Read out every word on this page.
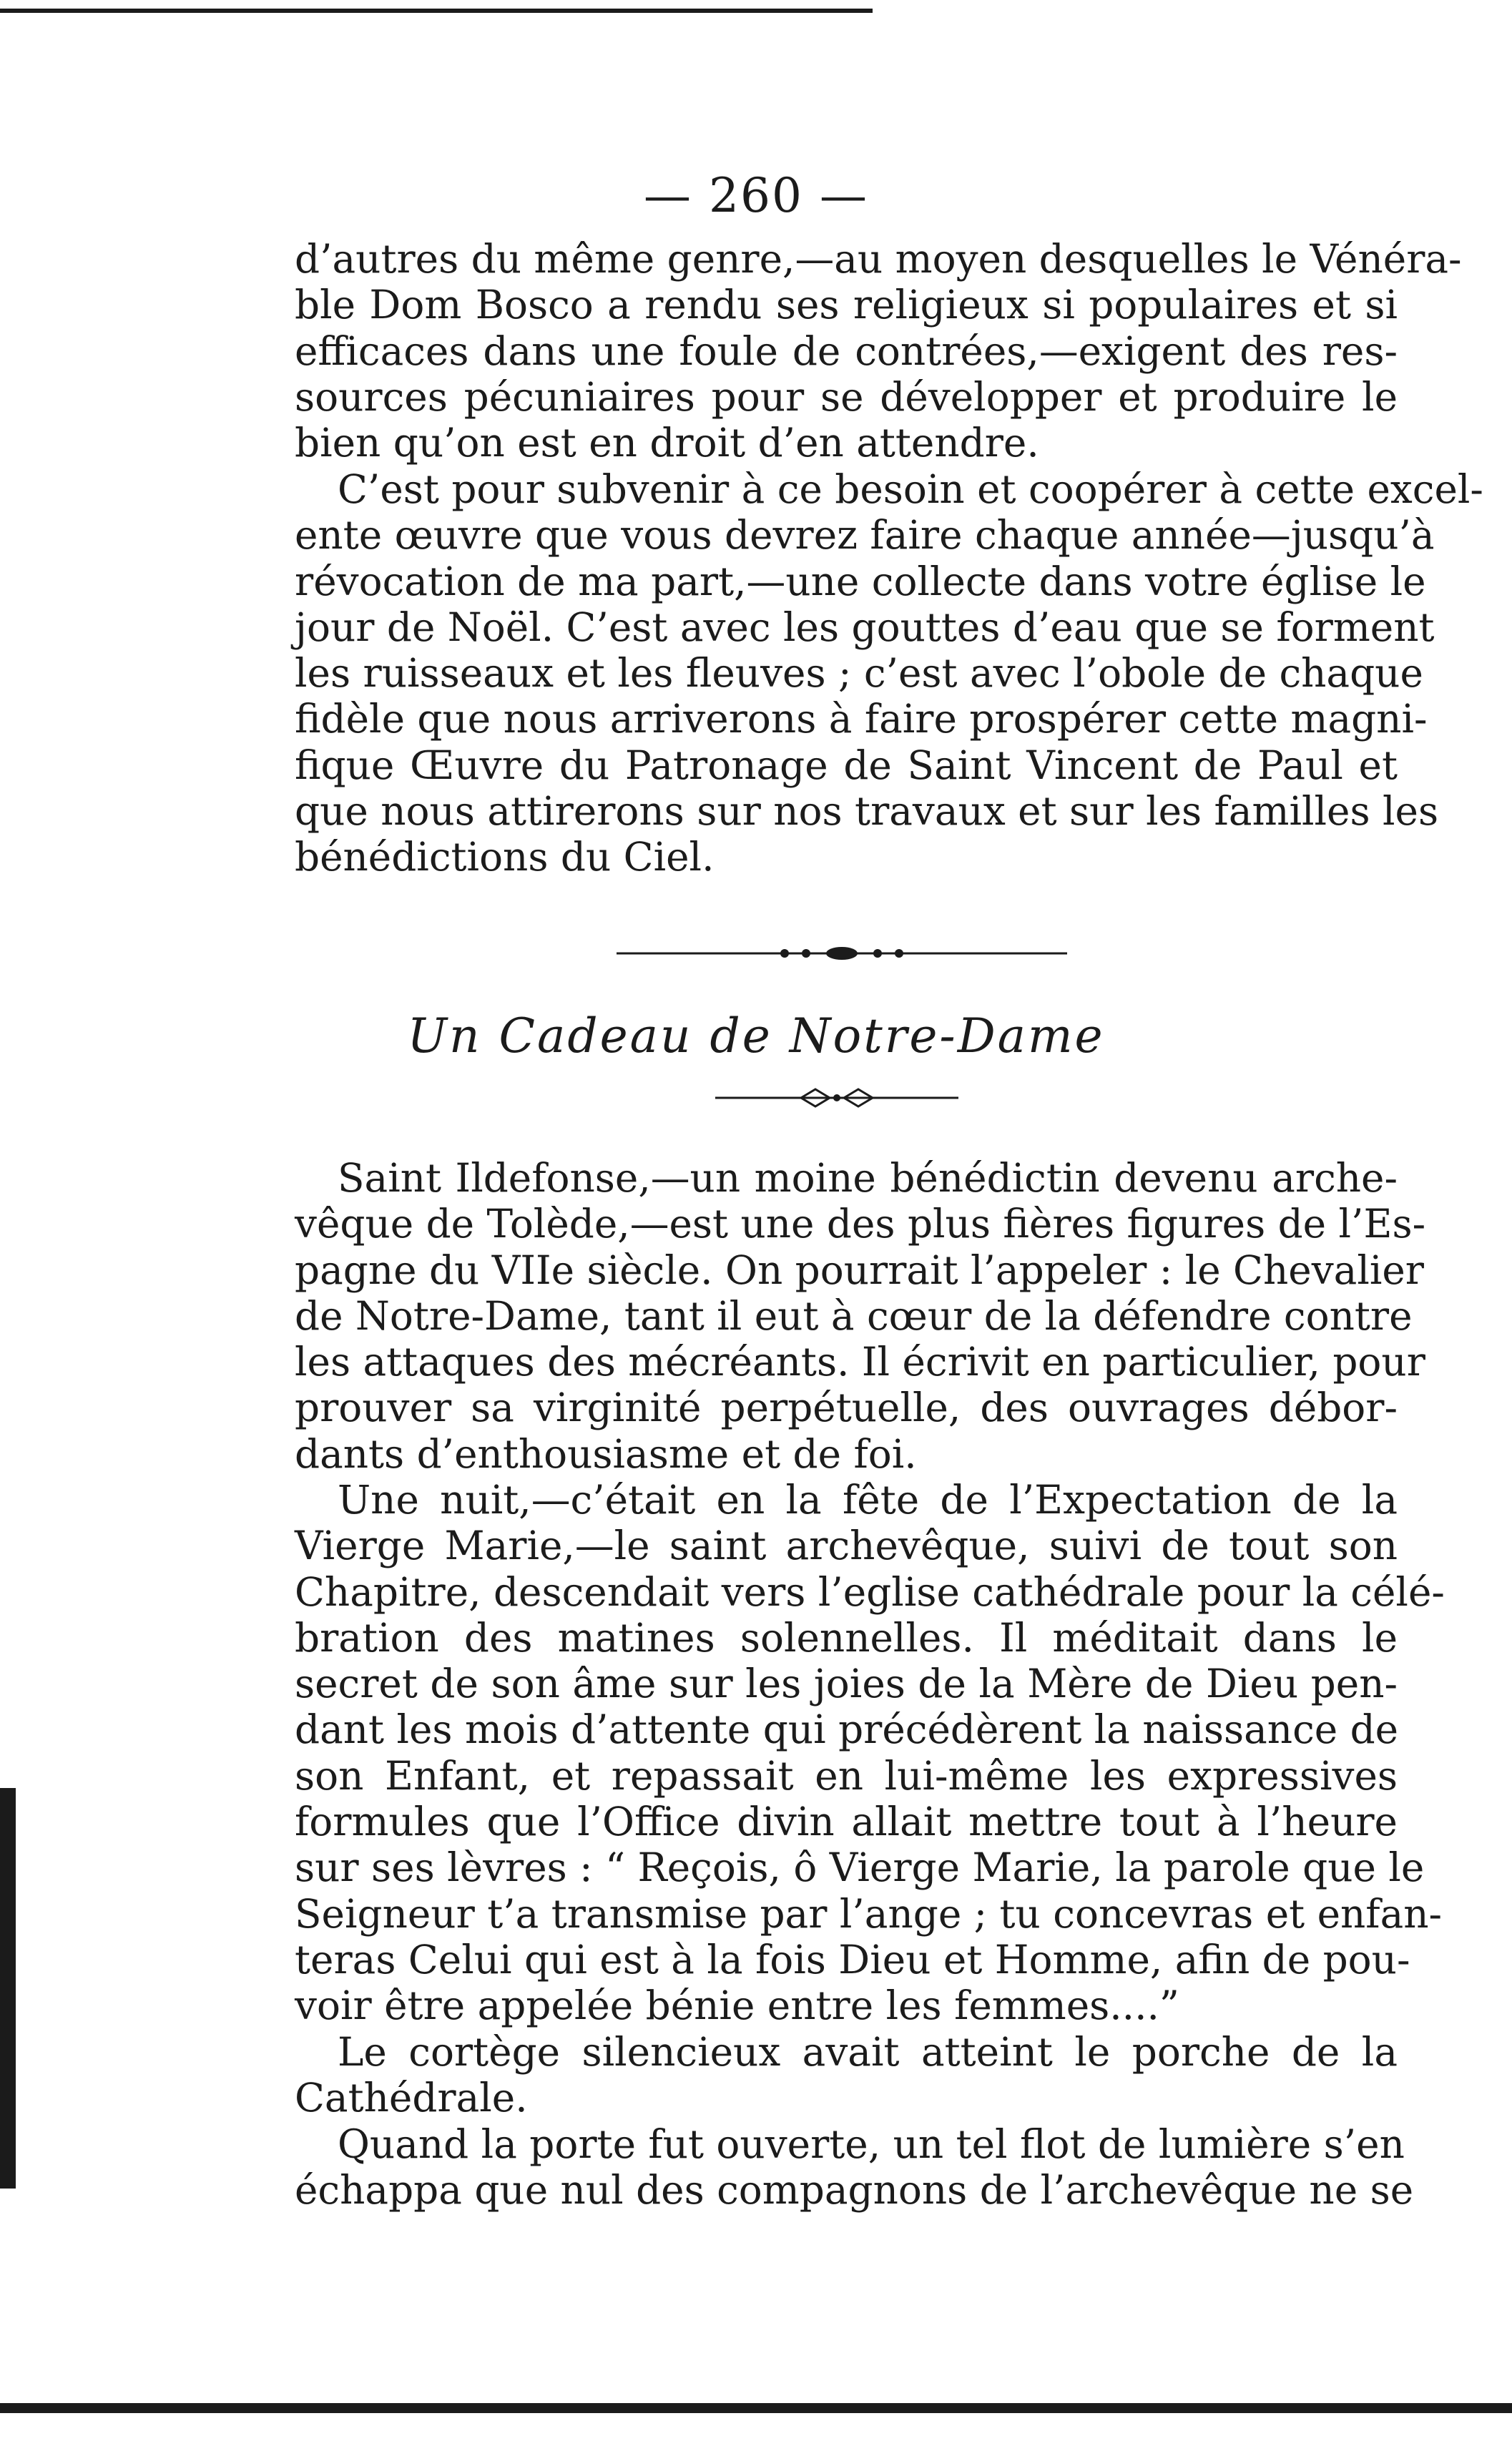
— 260 —
d’autres du même genre,—au moyen desquelles le Vénéra-
ble Dom Bosco a rendu ses religieux si populaires et si
efficaces dans une foule de contrées,—exigent des res-
sources pécuniaires pour se développer et produire le
bien qu’on est en droit d’en attendre.
C’est pour subvenir à ce besoin et coopérer à cette excel-
ente œuvre que vous devrez faire chaque année—jusqu’à
révocation de ma part,—une collecte dans votre église le
jour de Noël. C’est avec les gouttes d’eau que se forment
les ruisseaux et les fleuves ; c’est avec l’obole de chaque
fidèle que nous arriverons à faire prospérer cette magni-
fique Œuvre du Patronage de Saint Vincent de Paul et
que nous attirerons sur nos travaux et sur les familles les
bénédictions du Ciel.
Un Cadeau de Notre-Dame
Saint Ildefonse,—un moine bénédictin devenu arche-
vêque de Tolède,—est une des plus fières figures de l’Es-
pagne du VIIe siècle. On pourrait l’appeler : le Chevalier
de Notre-Dame, tant il eut à cœur de la défendre contre
les attaques des mécréants. Il écrivit en particulier, pour
prouver sa virginité perpétuelle, des ouvrages débor-
dants d’enthousiasme et de foi.
Une nuit,—c’était en la fête de l’Expectation de la
Vierge Marie,—le saint archevêque, suivi de tout son
Chapitre, descendait vers l’eglise cathédrale pour la célé-
bration des matines solennelles. Il méditait dans le
secret de son âme sur les joies de la Mère de Dieu pen-
dant les mois d’attente qui précédèrent la naissance de
son Enfant, et repassait en lui-même les expressives
formules que l’Office divin allait mettre tout à l’heure
sur ses lèvres : “ Reçois, ô Vierge Marie, la parole que le
Seigneur t’a transmise par l’ange ; tu concevras et enfan-
teras Celui qui est à la fois Dieu et Homme, afin de pou-
voir être appelée bénie entre les femmes....”
Le cortège silencieux avait atteint le porche de la
Cathédrale.
Quand la porte fut ouverte, un tel flot de lumière s’en
échappa que nul des compagnons de l’archevêque ne se
